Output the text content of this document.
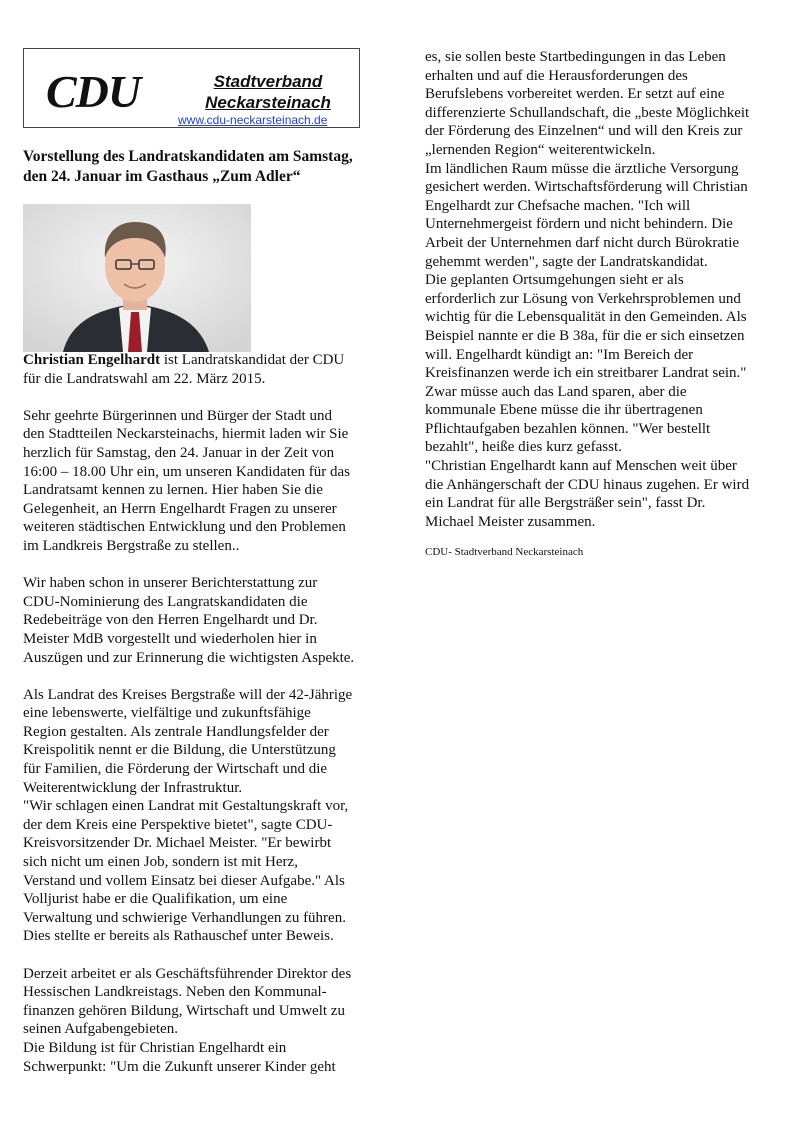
CDU	Stadtverband
Neckarsteinach
www.cdu-neckarsteinach.de
Vorstellung des Landratskandidaten am Samstag,
den 24. Januar im Gasthaus „Zum Adler“

Christian Engelhardt ist Landratskandidat der CDU
für die Landratswahl am 22. März 2015.

Sehr geehrte Bürgerinnen und Bürger der Stadt und
den Stadtteilen Neckarsteinachs, hiermit laden wir Sie
herzlich für Samstag, den 24. Januar in der Zeit von
16:00 – 18.00 Uhr ein, um unseren Kandidaten für das
Landratsamt kennen zu lernen. Hier haben Sie die
Gelegenheit, an Herrn Engelhardt Fragen zu unserer
weiteren städtischen Entwicklung und den Problemen
im Landkreis Bergstraße zu stellen..

Wir haben schon in unserer Berichterstattung zur
CDU-Nominierung des Langratskandidaten die
Redebeiträge von den Herren Engelhardt und Dr.
Meister MdB vorgestellt und wiederholen hier in
Auszügen und zur Erinnerung die wichtigsten Aspekte.

Als Landrat des Kreises Bergstraße will der 42-Jährige
eine lebenswerte, vielfältige und zukunftsfähige
Region gestalten. Als zentrale Handlungsfelder der
Kreispolitik nennt er die Bildung, die Unterstützung
für Familien, die Förderung der Wirtschaft und die
Weiterentwicklung der Infrastruktur.
"Wir schlagen einen Landrat mit Gestaltungskraft vor,
der dem Kreis eine Perspektive bietet", sagte CDU-
Kreisvorsitzender Dr. Michael Meister. "Er bewirbt
sich nicht um einen Job, sondern ist mit Herz,
Verstand und vollem Einsatz bei dieser Aufgabe." Als
Volljurist habe er die Qualifikation, um eine
Verwaltung und schwierige Verhandlungen zu führen.
Dies stellte er bereits als Rathauschef unter Beweis.

Derzeit arbeitet er als Geschäftsführender Direktor des
Hessischen Landkreistags. Neben den Kommunal-
finanzen gehören Bildung, Wirtschaft und Umwelt zu
seinen Aufgabengebieten.
Die Bildung ist für Christian Engelhardt ein
Schwerpunkt: "Um die Zukunft unserer Kinder geht

es, sie sollen beste Startbedingungen in das Leben
erhalten und auf die Herausforderungen des
Berufslebens vorbereitet werden. Er setzt auf eine
differenzierte Schullandschaft, die „beste Möglichkeit
der Förderung des Einzelnen“ und will den Kreis zur
„lernenden Region“ weiterentwickeln.
Im ländlichen Raum müsse die ärztliche Versorgung
gesichert werden. Wirtschaftsförderung will Christian
Engelhardt zur Chefsache machen. "Ich will
Unternehmergeist fördern und nicht behindern. Die
Arbeit der Unternehmen darf nicht durch Bürokratie
gehemmt werden", sagte der Landratskandidat.
Die geplanten Ortsumgehungen sieht er als
erforderlich zur Lösung von Verkehrsproblemen und
wichtig für die Lebensqualität in den Gemeinden. Als
Beispiel nannte er die B 38a, für die er sich einsetzen
will. Engelhardt kündigt an: "Im Bereich der
Kreisfinanzen werde ich ein streitbarer Landrat sein."
Zwar müsse auch das Land sparen, aber die
kommunale Ebene müsse die ihr übertragenen
Pflichtaufgaben bezahlen können. "Wer bestellt
bezahlt", heiße dies kurz gefasst.
"Christian Engelhardt kann auf Menschen weit über
die Anhängerschaft der CDU hinaus zugehen. Er wird
ein Landrat für alle Bergsträßer sein", fasst Dr.
Michael Meister zusammen.

CDU- Stadtverband Neckarsteinach
